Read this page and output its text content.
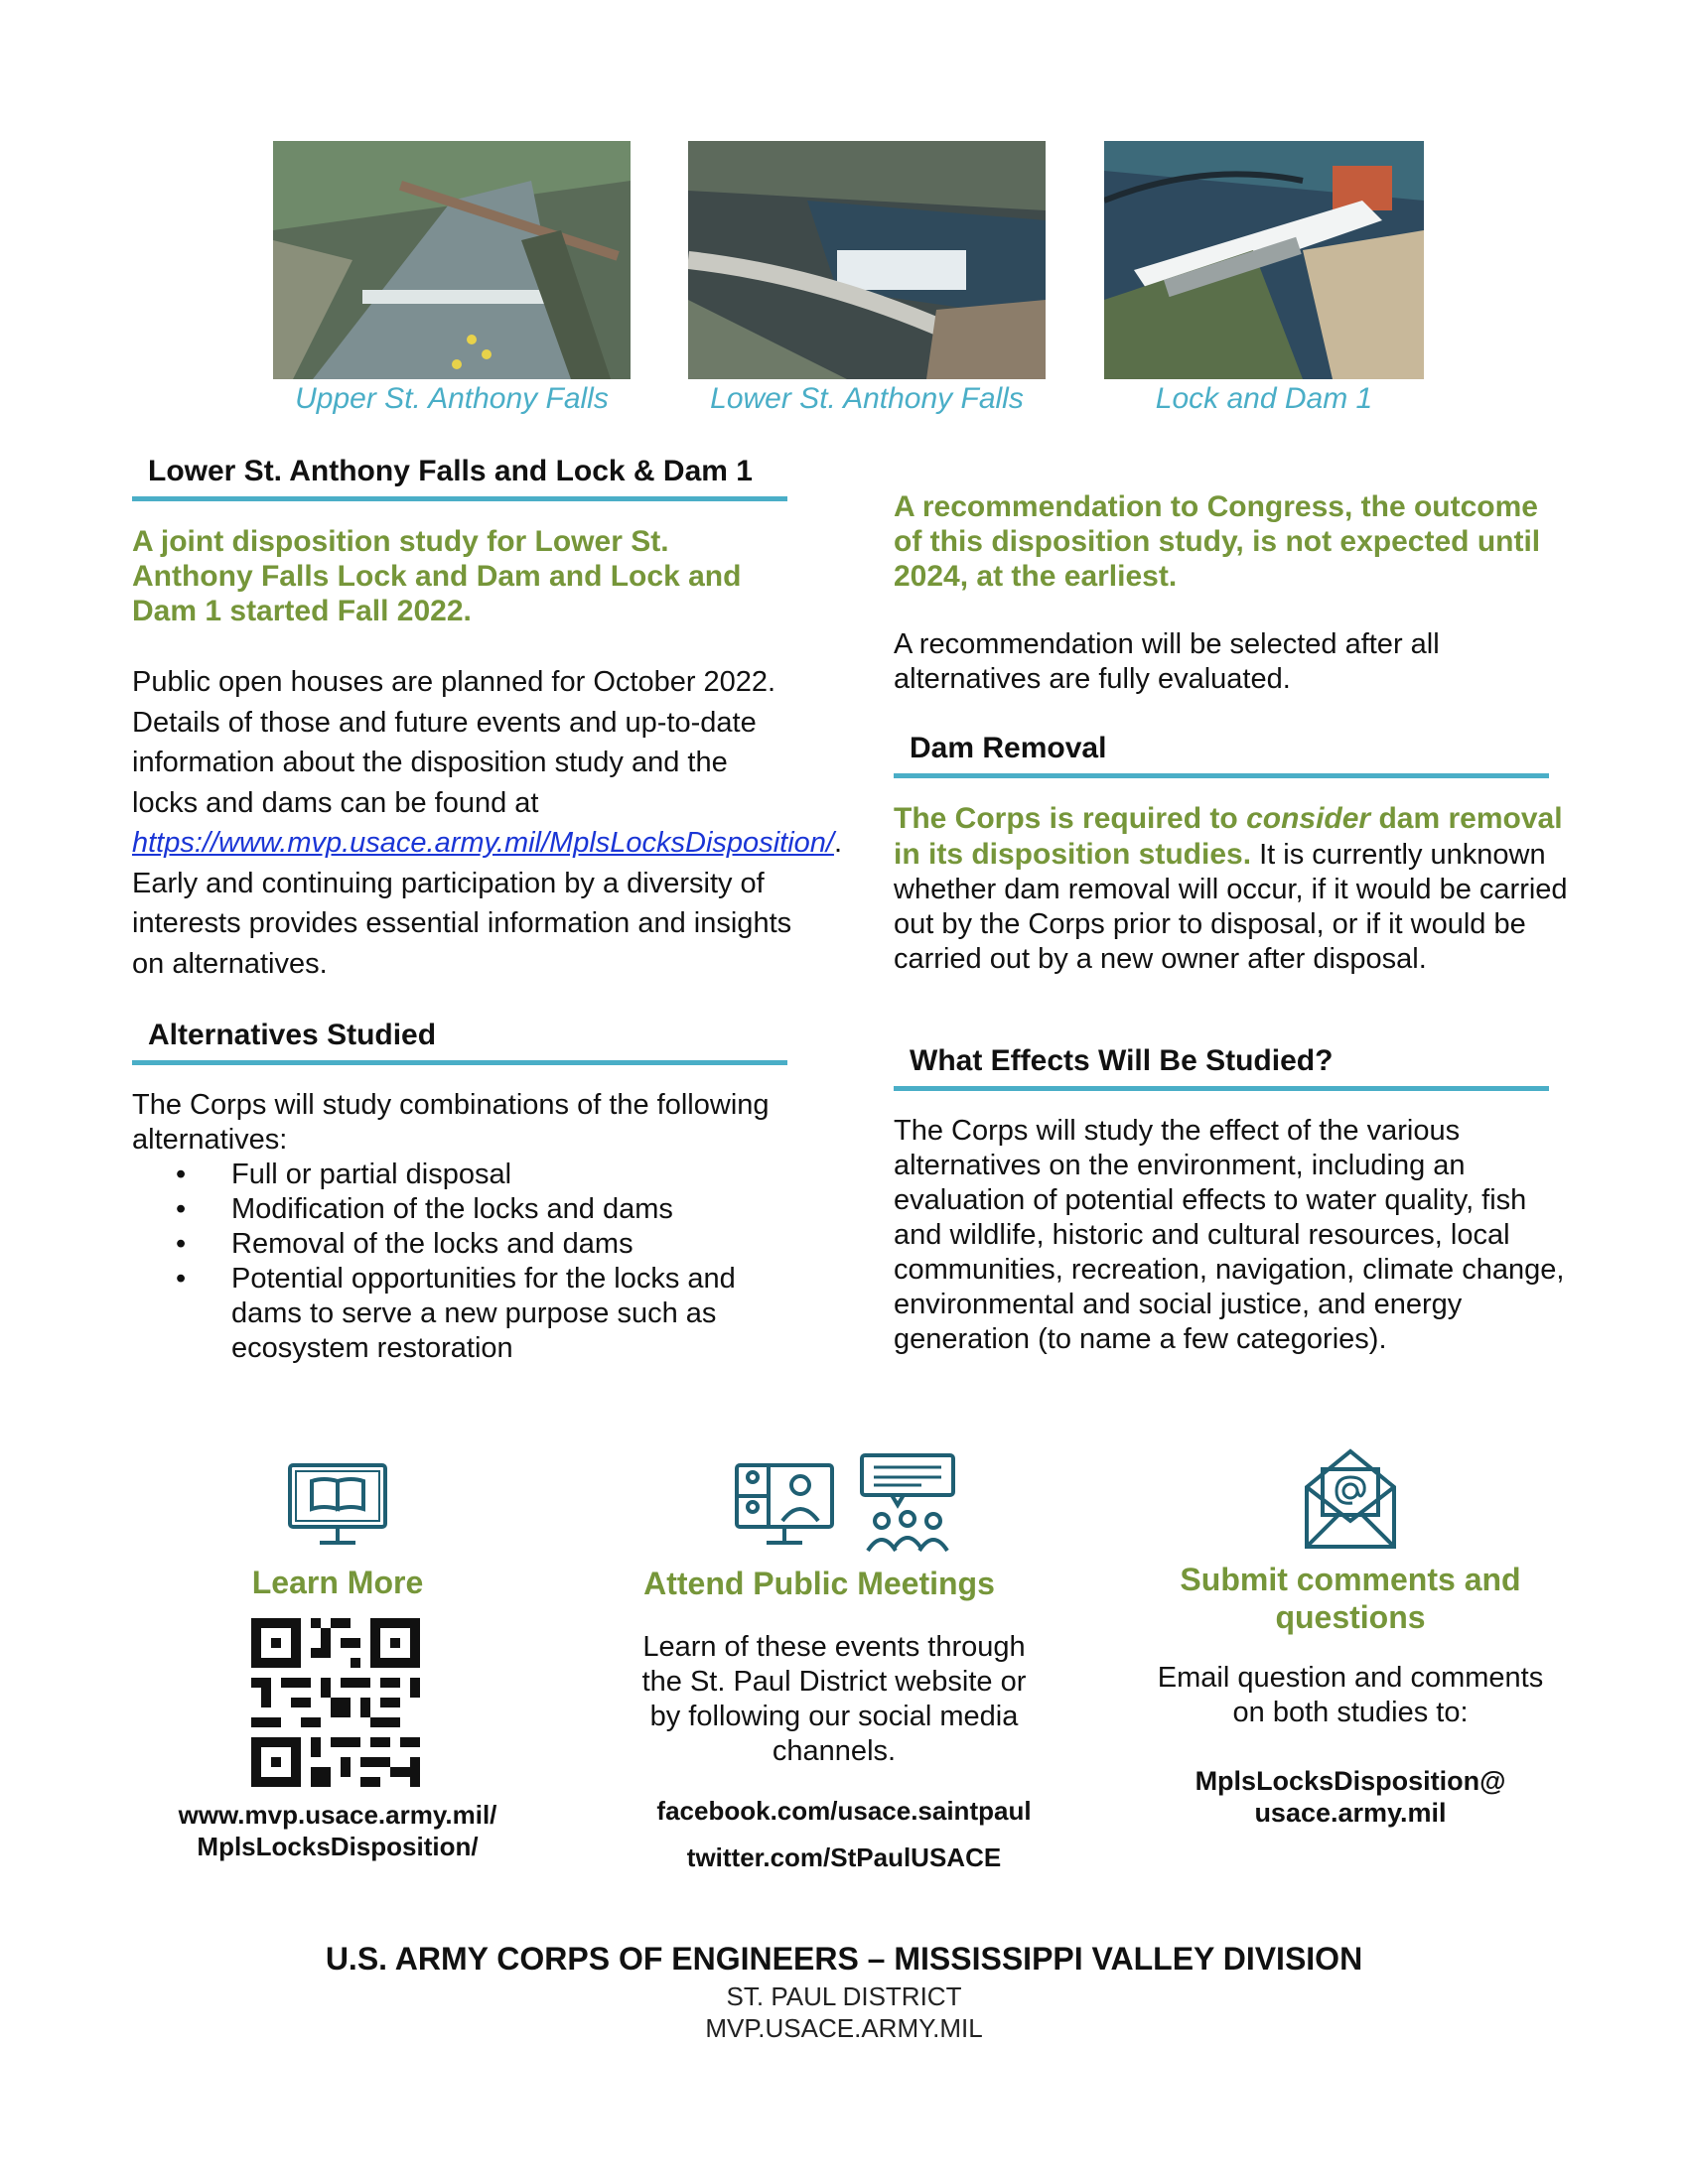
Upper St. Anthony Falls	Lower St. Anthony Falls	Lock and Dam 1
Lower St. Anthony Falls and Lock & Dam 1
A joint disposition study for Lower St. Anthony Falls Lock and Dam and Lock and Dam 1 started Fall 2022.
Public open houses are planned for October 2022. Details of those and future events and up-to-date information about the disposition study and the locks and dams can be found at https://www.mvp.usace.army.mil/MplsLocksDisposition/. Early and continuing participation by a diversity of interests provides essential information and insights on alternatives.
Alternatives Studied
The Corps will study combinations of the following alternatives:
• Full or partial disposal
• Modification of the locks and dams
• Removal of the locks and dams
• Potential opportunities for the locks and dams to serve a new purpose such as ecosystem restoration
A recommendation to Congress, the outcome of this disposition study, is not expected until 2024, at the earliest.
A recommendation will be selected after all alternatives are fully evaluated.
Dam Removal
The Corps is required to consider dam removal in its disposition studies. It is currently unknown whether dam removal will occur, if it would be carried out by the Corps prior to disposal, or if it would be carried out by a new owner after disposal.
What Effects Will Be Studied?
The Corps will study the effect of the various alternatives on the environment, including an evaluation of potential effects to water quality, fish and wildlife, historic and cultural resources, local communities, recreation, navigation, climate change, environmental and social justice, and energy generation (to name a few categories).
Learn More
www.mvp.usace.army.mil/
MplsLocksDisposition/
Attend Public Meetings
Learn of these events through the St. Paul District website or by following our social media channels.
facebook.com/usace.saintpaul
twitter.com/StPaulUSACE
Submit comments and questions
Email question and comments on both studies to:
MplsLocksDisposition@
usace.army.mil
U.S. ARMY CORPS OF ENGINEERS – MISSISSIPPI VALLEY DIVISION
ST. PAUL DISTRICT
MVP.USACE.ARMY.MIL
